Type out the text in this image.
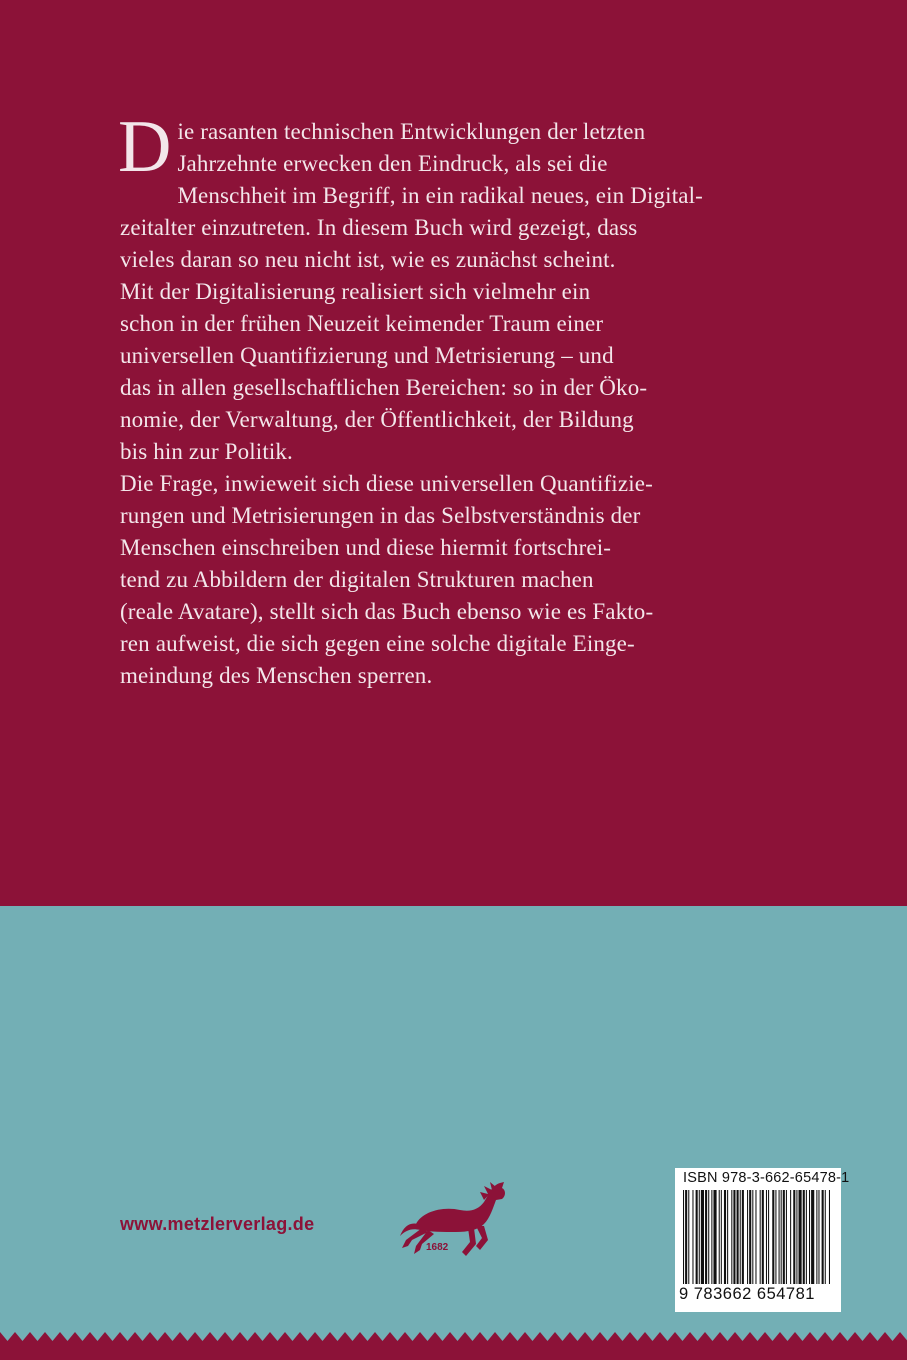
D ie rasanten technischen Entwicklungen der letzten
Jahrzehnte erwecken den Eindruck, als sei die
Menschheit im Begriff, in ein radikal neues, ein Digital-
zeitalter einzutreten. In diesem Buch wird gezeigt, dass
vieles daran so neu nicht ist, wie es zunächst scheint.
Mit der Digitalisierung realisiert sich vielmehr ein
schon in der frühen Neuzeit keimender Traum einer
universellen Quantifizierung und Metrisierung – und
das in allen gesellschaftlichen Bereichen: so in der Öko-
nomie, der Verwaltung, der Öffentlichkeit, der Bildung
bis hin zur Politik.
Die Frage, inwieweit sich diese universellen Quantifizie-
rungen und Metrisierungen in das Selbstverständnis der
Menschen einschreiben und diese hiermit fortschrei-
tend zu Abbildern der digitalen Strukturen machen
(reale Avatare), stellt sich das Buch ebenso wie es Fakto-
ren aufweist, die sich gegen eine solche digitale Einge-
meindung des Menschen sperren.
www.metzlerverlag.de
1682
ISBN 978-3-662-65478-1
9 783662 654781
